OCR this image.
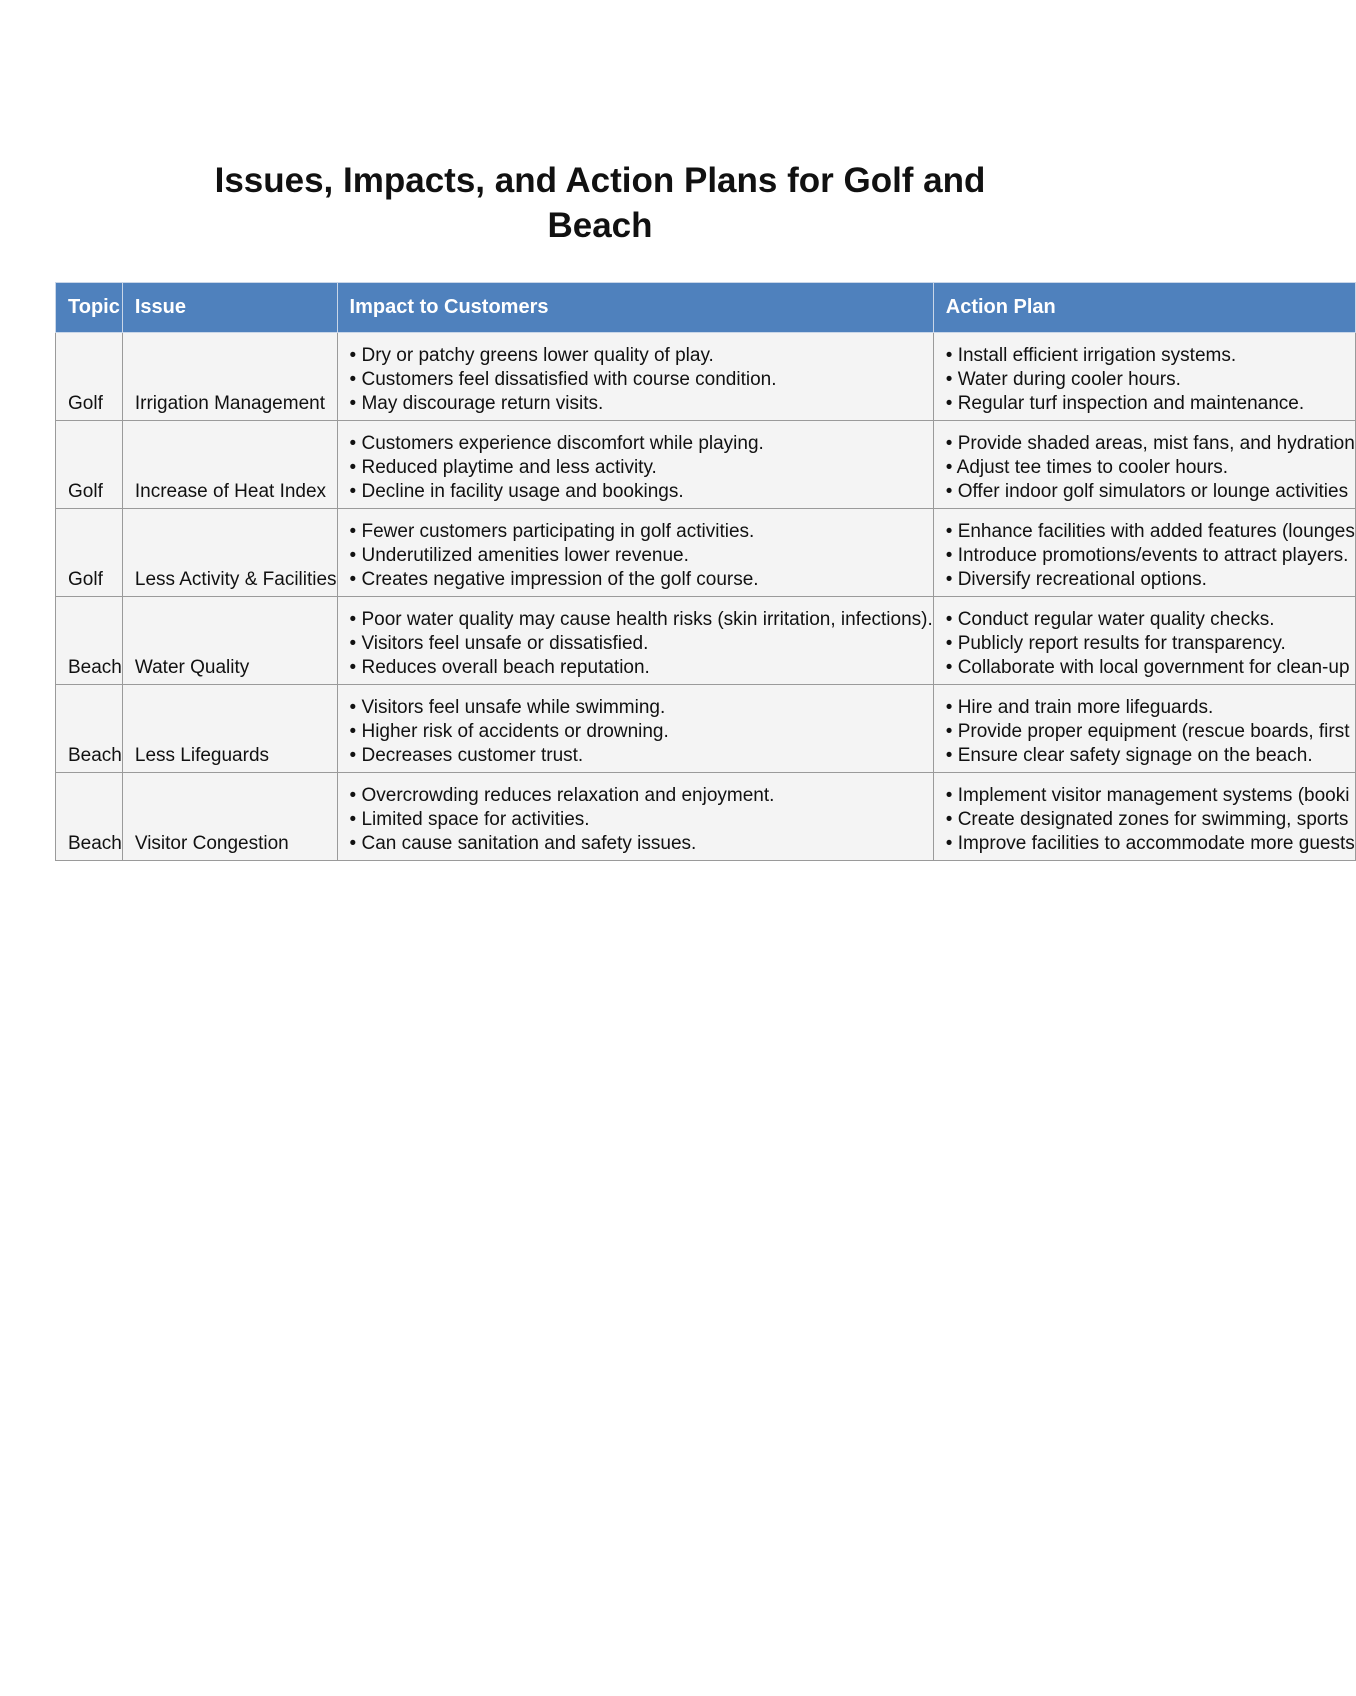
Issues, Impacts, and Action Plans for Golf and
Beach
Topic	Issue	Impact to Customers	Action Plan
Golf	Irrigation Management	• Dry or patchy greens lower quality of play.
• Customers feel dissatisfied with course condition.
• May discourage return visits.	• Install efficient irrigation systems.
• Water during cooler hours.
• Regular turf inspection and maintenance.

Golf	Increase of Heat Index	• Customers experience discomfort while playing.
• Reduced playtime and less activity.
• Decline in facility usage and bookings.	• Provide shaded areas, mist fans, and hydration
• Adjust tee times to cooler hours.
• Offer indoor golf simulators or lounge activities

Golf	Less Activity & Facilities	• Fewer customers participating in golf activities.
• Underutilized amenities lower revenue.
• Creates negative impression of the golf course.	• Enhance facilities with added features (lounges
• Introduce promotions/events to attract players.
• Diversify recreational options.

Beach	Water Quality	• Poor water quality may cause health risks (skin irritation, infections).
• Visitors feel unsafe or dissatisfied.
• Reduces overall beach reputation.	• Conduct regular water quality checks.
• Publicly report results for transparency.
• Collaborate with local government for clean-up

Beach	Less Lifeguards	• Visitors feel unsafe while swimming.
• Higher risk of accidents or drowning.
• Decreases customer trust.	• Hire and train more lifeguards.
• Provide proper equipment (rescue boards, first
• Ensure clear safety signage on the beach.

Beach	Visitor Congestion	• Overcrowding reduces relaxation and enjoyment.
• Limited space for activities.
• Can cause sanitation and safety issues.	• Implement visitor management systems (booki
• Create designated zones for swimming, sports
• Improve facilities to accommodate more guests
